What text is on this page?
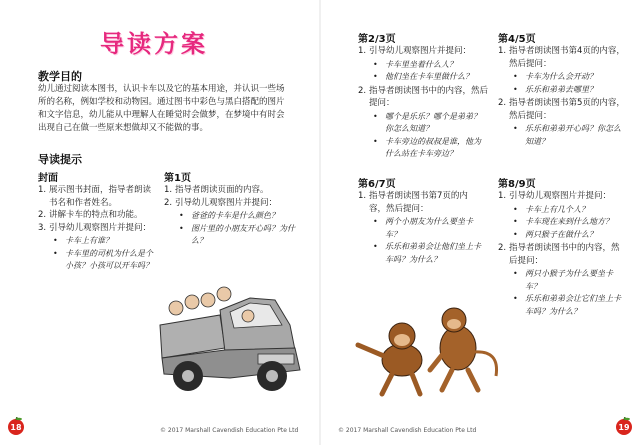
导读方案
教学目的
幼儿通过阅读本图书，认识卡车以及它的基本用途，并认识一些场所的名称，例如学校和动物园。通过图书中彩色与黑白搭配的图片和文字信息，幼儿能从中理解人在睡觉时会做梦，在梦境中有时会出现自己在做一些原来想做却又不能做的事。
导读提示
封面
1. 展示图书封面，指导者朗读书名和作者姓名。
2. 讲解卡车的特点和功能。
3. 引导幼儿观察图片并提问：
• 卡车上有谁？
• 卡车里的司机为什么是个小孩？小孩可以开车吗？
第1页
1. 指导者朗读页面的内容。
2. 引导幼儿观察图片并提问：
• 爸爸的卡车是什么颜色？
• 图片里的小朋友开心吗？为什么？
© 2017 Marshall Cavendish Education Pte Ltd
18
第2/3页
1. 引导幼儿观察图片并提问：
• 卡车里坐着什么人？
• 他们坐在卡车里做什么？
2. 指导者朗读图书中的内容，然后提问：
• 哪个是乐乐？哪个是弟弟？你怎么知道？
• 卡车旁边的叔叔是谁，他为什么站在卡车旁边？
第4/5页
1. 指导者朗读图书第4页的内容，然后提问：
• 卡车为什么会开动？
• 乐乐和弟弟去哪里？
2. 指导者朗读图书第5页的内容，然后提问：
• 乐乐和弟弟开心吗？你怎么知道？
第6/7页
1. 指导者朗读图书第7页的内容，然后提问：
• 两个小朋友为什么要坐卡车？
• 乐乐和弟弟会让他们坐上卡车吗？为什么？
第8/9页
1. 引导幼儿观察图片并提问：
• 卡车上有几个人？
• 卡车现在来到什么地方？
• 两只猴子在做什么？
2. 指导者朗读图书中的内容，然后提问：
• 两只小猴子为什么要坐卡车？
• 乐乐和弟弟会让它们坐上卡车吗？为什么？
© 2017 Marshall Cavendish Education Pte Ltd	19
